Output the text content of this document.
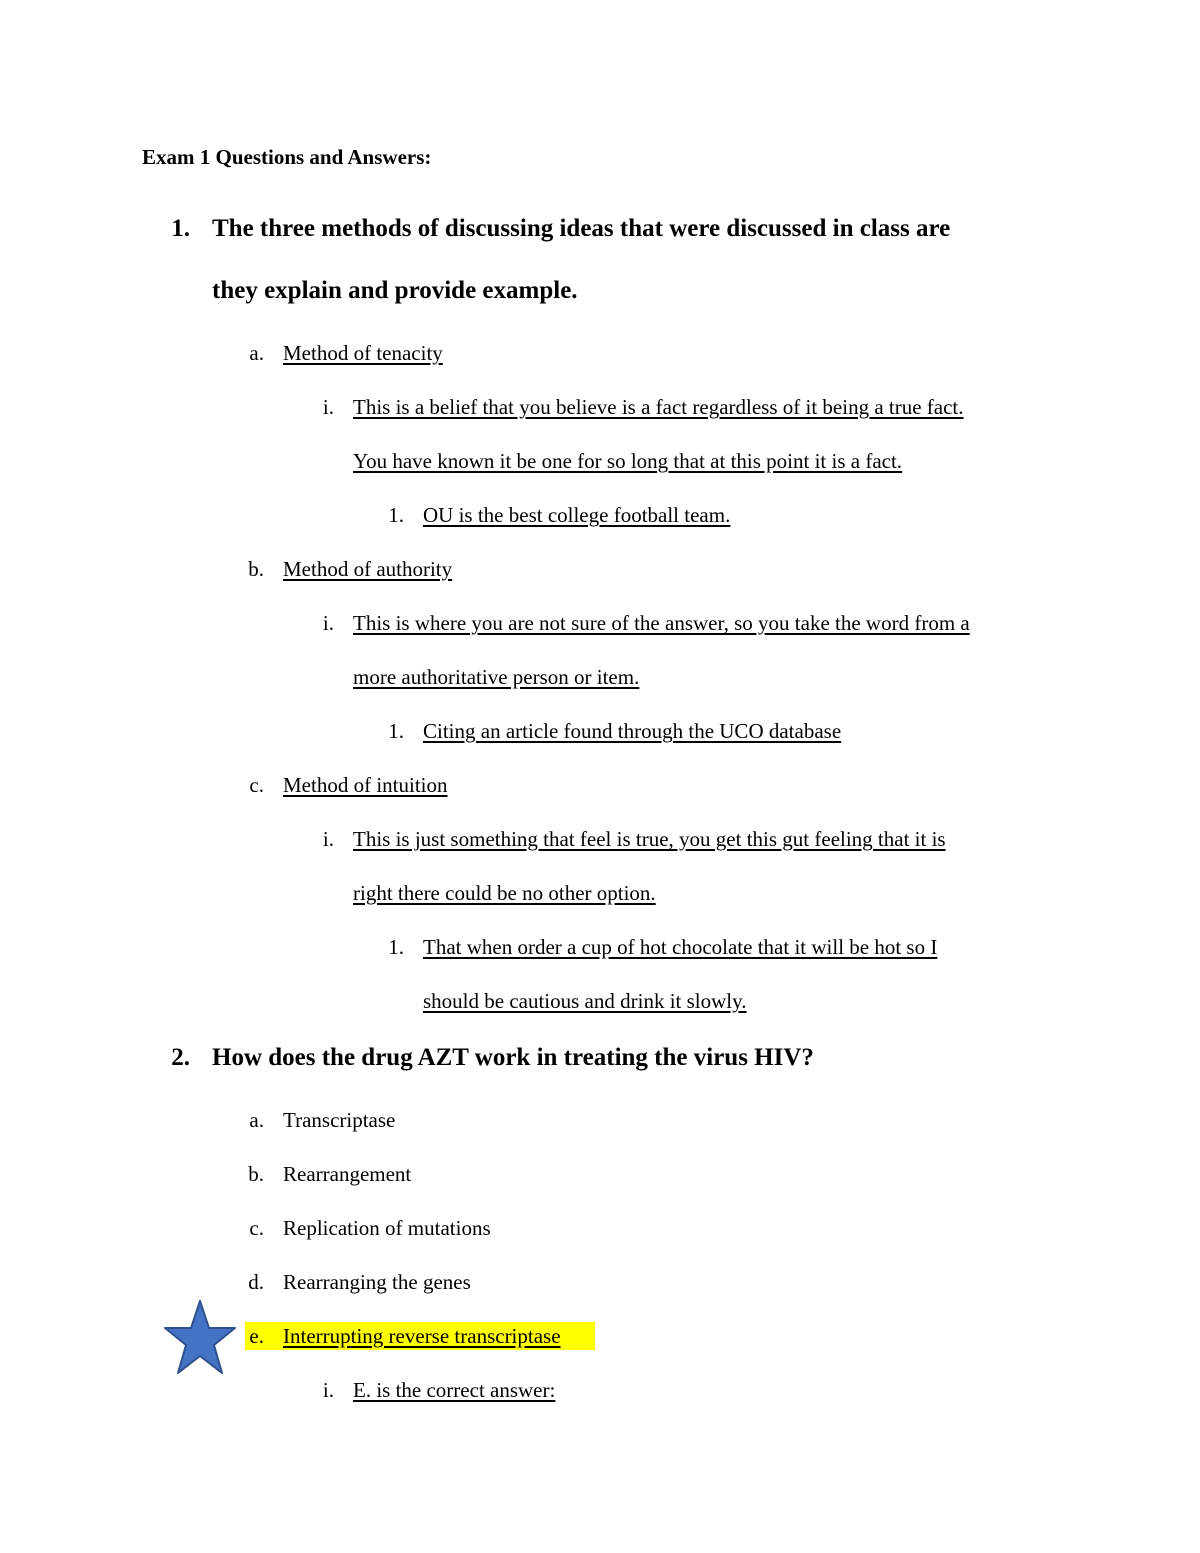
Exam 1 Questions and Answers:
1. The three methods of discussing ideas that were discussed in class are
they explain and provide example.
a. Method of tenacity
i. This is a belief that you believe is a fact regardless of it being a true fact.
You have known it be one for so long that at this point it is a fact.
1. OU is the best college football team.
b. Method of authority
i. This is where you are not sure of the answer, so you take the word from a
more authoritative person or item.
1. Citing an article found through the UCO database
c. Method of intuition
i. This is just something that feel is true, you get this gut feeling that it is
right there could be no other option.
1. That when order a cup of hot chocolate that it will be hot so I
should be cautious and drink it slowly.
2. How does the drug AZT work in treating the virus HIV?
a. Transcriptase
b. Rearrangement
c. Replication of mutations
d. Rearranging the genes
e. Interrupting reverse transcriptase
i. E. is the correct answer:
